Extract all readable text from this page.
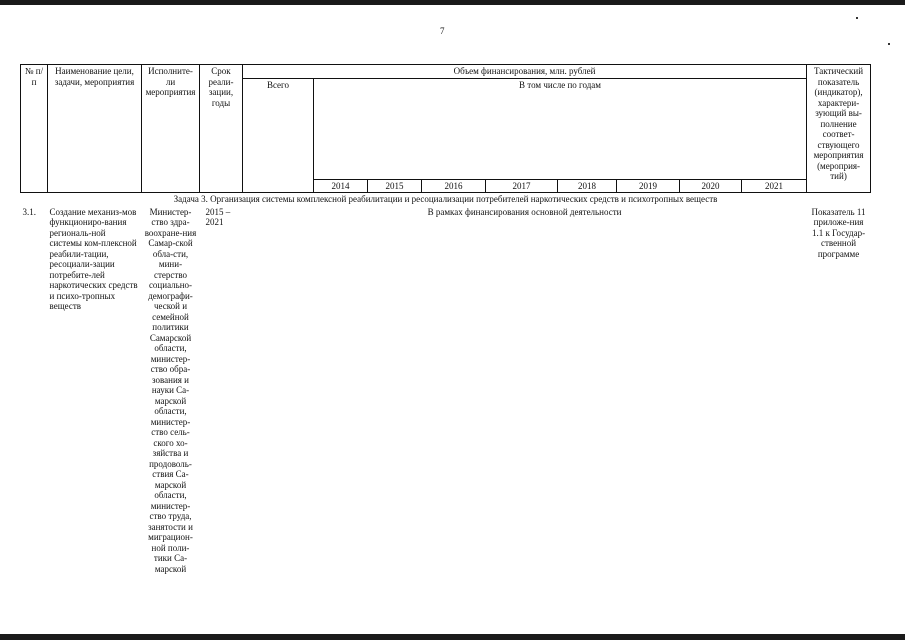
7
№ п/п	Наименование цели, задачи, мероприятия	Исполните-ли мероприятия	Срок реали-зации, годы	Объем финансирования, млн. рублей									Тактический показатель (индикатор), характери-зующий вы-полнение соответ-ствующего мероприятия (мероприя-тий)
				Всего	В том числе по годам								
					2014	2015	2016	2017	2018	2019	2020	2021	
Задача 3. Организация системы комплексной реабилитации и ресоциализации потребителей наркотических средств и психотропных веществ													
3.1.	Создание механиз-мов функциониро-вания региональ-ной системы ком-плексной реабили-тации, ресоциали-зации потребите-лей наркотических средств и психо-тропных веществ	Министер-ство здра-воохране-ния Самар-ской обла-сти, мини-стерство социально-демографи-ческой и семейной политики Самарской области, министер-ство обра-зования и науки Са-марской области, министер-ство сель-ского хо-зяйства и продоволь-ствия Са-марской области, министер-ство труда, занятости и миграцион-ной поли-тики Са-марской	2015 – 2021	В рамках финансирования основной деятельности									Показатель 11 приложе-ния 1.1 к Государ-ственной программе
